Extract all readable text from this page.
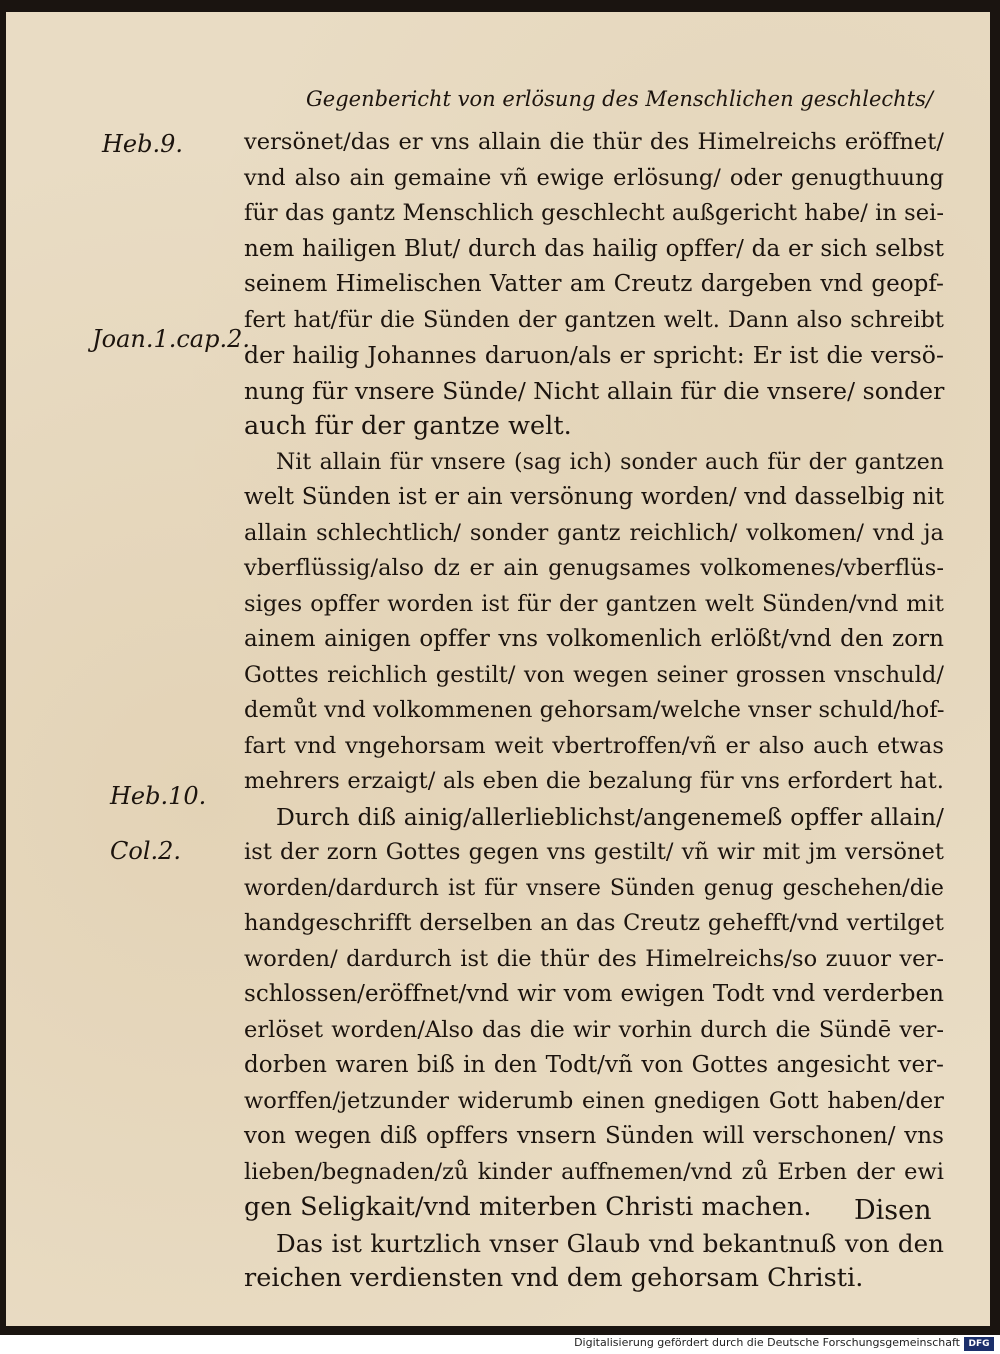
Gegenbericht von erlösung des Menschlichen geschlechts/
Heb.9.
Joan.1.cap.2.
Heb.10.
Col.2.
versönet/das er vns allain die thür des Himelreichs eröffnet/
vnd also ain gemaine vñ ewige erlösung/ oder genugthuung
für das gantz Menschlich geschlecht außgericht habe/ in sei-
nem hailigen Blut/ durch das hailig opffer/ da er sich selbst
seinem Himelischen Vatter am Creutz dargeben vnd geopf-
fert hat/für die Sünden der gantzen welt. Dann also schreibt
der hailig Johannes daruon/als er spricht: Er ist die versö-
nung für vnsere Sünde/ Nicht allain für die vnsere/ sonder
auch für der gantze welt.
Nit allain für vnsere (sag ich) sonder auch für der gantzen
welt Sünden ist er ain versönung worden/ vnd dasselbig nit
allain schlechtlich/ sonder gantz reichlich/ volkomen/ vnd ja
vberflüssig/also dz er ain genugsames volkomenes/vberflüs-
siges opffer worden ist für der gantzen welt Sünden/vnd mit
ainem ainigen opffer vns volkomenlich erlößt/vnd den zorn
Gottes reichlich gestilt/ von wegen seiner grossen vnschuld/
demůt vnd volkommenen gehorsam/welche vnser schuld/hof-
fart vnd vngehorsam weit vbertroffen/vñ er also auch etwas
mehrers erzaigt/ als eben die bezalung für vns erfordert hat.
Durch diß ainig/allerlieblichst/angenemeß opffer allain/
ist der zorn Gottes gegen vns gestilt/ vñ wir mit jm versönet
worden/dardurch ist für vnsere Sünden genug geschehen/die
handgeschrifft derselben an das Creutz gehefft/vnd vertilget
worden/ dardurch ist die thür des Himelreichs/so zuuor ver-
schlossen/eröffnet/vnd wir vom ewigen Todt vnd verderben
erlöset worden/Also das die wir vorhin durch die Sündē ver-
dorben waren biß in den Todt/vñ von Gottes angesicht ver-
worffen/jetzunder widerumb einen gnedigen Gott haben/der
von wegen diß opffers vnsern Sünden will verschonen/ vns
lieben/begnaden/zů kinder auffnemen/vnd zů Erben der ewi
gen Seligkait/vnd miterben Christi machen.
Das ist kurtzlich vnser Glaub vnd bekantnuß von den
reichen verdiensten vnd dem gehorsam Christi.
Disen
Digitalisierung gefördert durch die Deutsche Forschungsgemeinschaft DFG
